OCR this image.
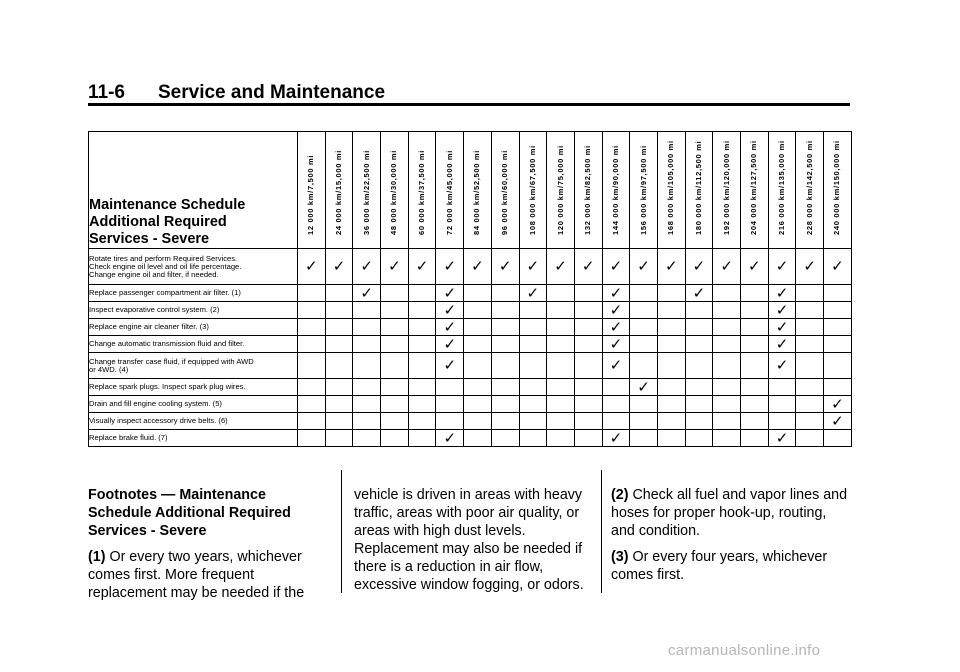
11-6 Service and Maintenance
Maintenance Schedule
Additional Required
Services - Severe	12 000 km/7,500 mi	24 000 km/15,000 mi	36 000 km/22,500 mi	48 000 km/30,000 mi	60 000 km/37,500 mi	72 000 km/45,000 mi	84 000 km/52,500 mi	96 000 km/60,000 mi	108 000 km/67,500 mi	120 000 km/75,000 mi	132 000 km/82,500 mi	144 000 km/90,000 mi	156 000 km/97,500 mi	168 000 km/105,000 mi	180 000 km/112,500 mi	192 000 km/120,000 mi	204 000 km/127,500 mi	216 000 km/135,000 mi	228 000 km/142,500 mi	240 000 km/150,000 mi

Rotate tires and perform Required Services.
Check engine oil level and oil life percentage.
Change engine oil and filter, if needed.	✓	✓	✓	✓	✓	✓	✓	✓	✓	✓	✓	✓	✓	✓	✓	✓	✓	✓	✓	✓

Replace passenger compartment air filter. (1)			✓			✓			✓			✓			✓			✓		

Inspect evaporative control system. (2)						✓						✓						✓		

Replace engine air cleaner filter. (3)						✓						✓						✓		

Change automatic transmission fluid and filter.						✓						✓						✓		

Change transfer case fluid, if equipped with AWD
or 4WD. (4)						✓						✓						✓		

Replace spark plugs. Inspect spark plug wires.													✓							

Drain and fill engine cooling system. (5)																				✓

Visually inspect accessory drive belts. (6)																				✓

Replace brake fluid. (7)						✓						✓						✓		

Footnotes — Maintenance Schedule Additional Required Services - Severe

(1) Or every two years, whichever comes first. More frequent replacement may be needed if the

vehicle is driven in areas with heavy traffic, areas with poor air quality, or areas with high dust levels. Replacement may also be needed if there is a reduction in air flow, excessive window fogging, or odors.

(2) Check all fuel and vapor lines and hoses for proper hook-up, routing, and condition.

(3) Or every four years, whichever comes first.

carmanualsonline.info
